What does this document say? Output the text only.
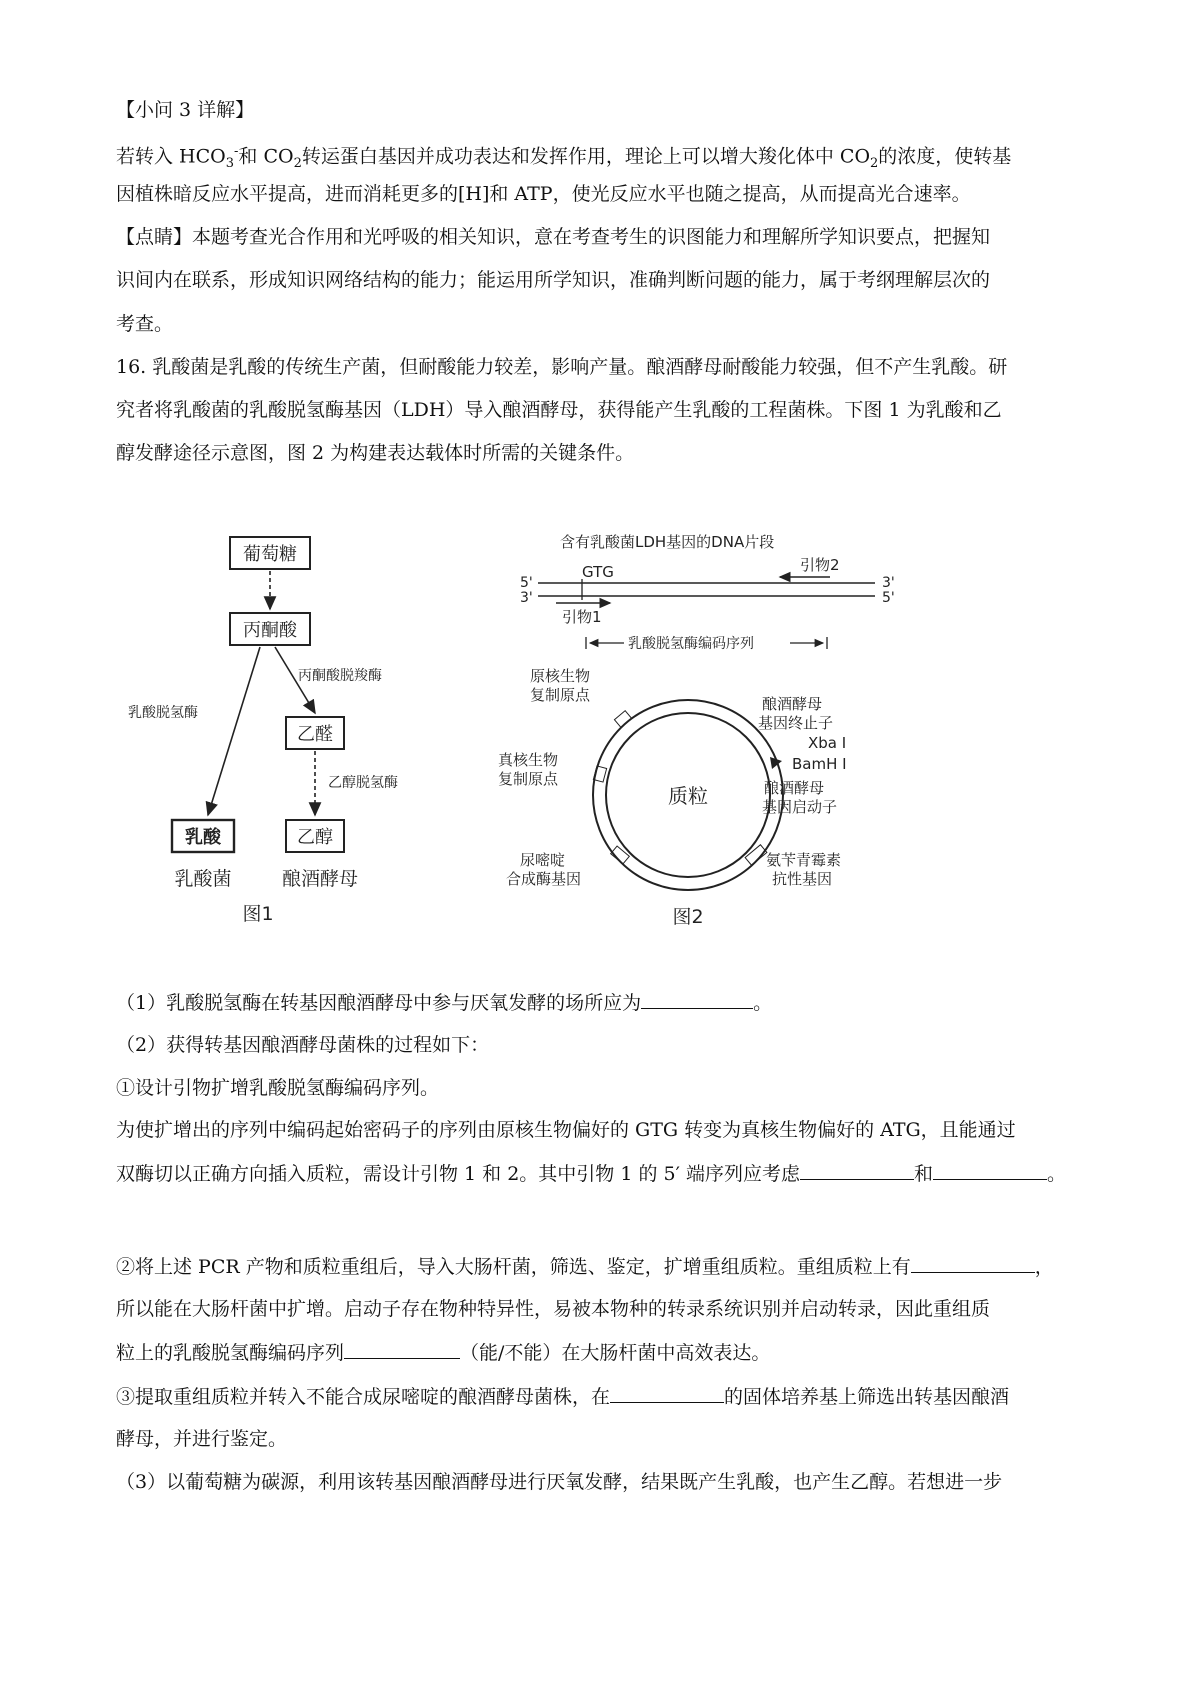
【小问 3 详解】
若转入 $HCO_3^-$和 $CO_2$转运蛋白基因并成功表达和发挥作用，理论上可以增大羧化体中 $CO_2$的浓度，使转基
因植株暗反应水平提高，进而消耗更多的[H]和 ATP，使光反应水平也随之提高，从而提高光合速率。
【点睛】本题考查光合作用和光呼吸的相关知识，意在考查考生的识图能力和理解所学知识要点，把握知
识间内在联系，形成知识网络结构的能力；能运用所学知识，准确判断问题的能力，属于考纲理解层次的
考查。
16. 乳酸菌是乳酸的传统生产菌，但耐酸能力较差，影响产量。酿酒酵母耐酸能力较强，但不产生乳酸。研
究者将乳酸菌的乳酸脱氢酶基因（LDH）导入酿酒酵母，获得能产生乳酸的工程菌株。下图 1 为乳酸和乙
醇发酵途径示意图，图 2 为构建表达载体时所需的关键条件。
葡萄糖
丙酮酸
乳酸脱氢酶
丙酮酸脱羧酶
乙醛
乙醇脱氢酶
乳酸	乙醇
乳酸菌	酿酒酵母
图1
含有乳酸菌LDH基因的DNA片段
5'
3'
3'
5'
GTG	引物2
引物1
乳酸脱氢酶编码序列
质粒
原核生物
复制原点
真核生物
复制原点
尿嘧啶
合成酶基因
酿酒酵母
基因终止子
Xba I
BamH I
酿酒酵母
基因启动子
氨苄青霉素
抗性基因
图2
（1）乳酸脱氢酶在转基因酿酒酵母中参与厌氧发酵的场所应为	。
（2）获得转基因酿酒酵母菌株的过程如下：
①设计引物扩增乳酸脱氢酶编码序列。
为使扩增出的序列中编码起始密码子的序列由原核生物偏好的 GTG 转变为真核生物偏好的 ATG，且能通过
双酶切以正确方向插入质粒，需设计引物 1 和 2。其中引物 1 的 5′ 端序列应考虑	和	。
②将上述 PCR 产物和质粒重组后，导入大肠杆菌，筛选、鉴定，扩增重组质粒。重组质粒上有	，
所以能在大肠杆菌中扩增。启动子存在物种特异性，易被本物种的转录系统识别并启动转录，因此重组质
粒上的乳酸脱氢酶编码序列	（能/不能）在大肠杆菌中高效表达。
③提取重组质粒并转入不能合成尿嘧啶的酿酒酵母菌株，在	的固体培养基上筛选出转基因酿酒
酵母，并进行鉴定。
（3）以葡萄糖为碳源，利用该转基因酿酒酵母进行厌氧发酵，结果既产生乳酸，也产生乙醇。若想进一步
